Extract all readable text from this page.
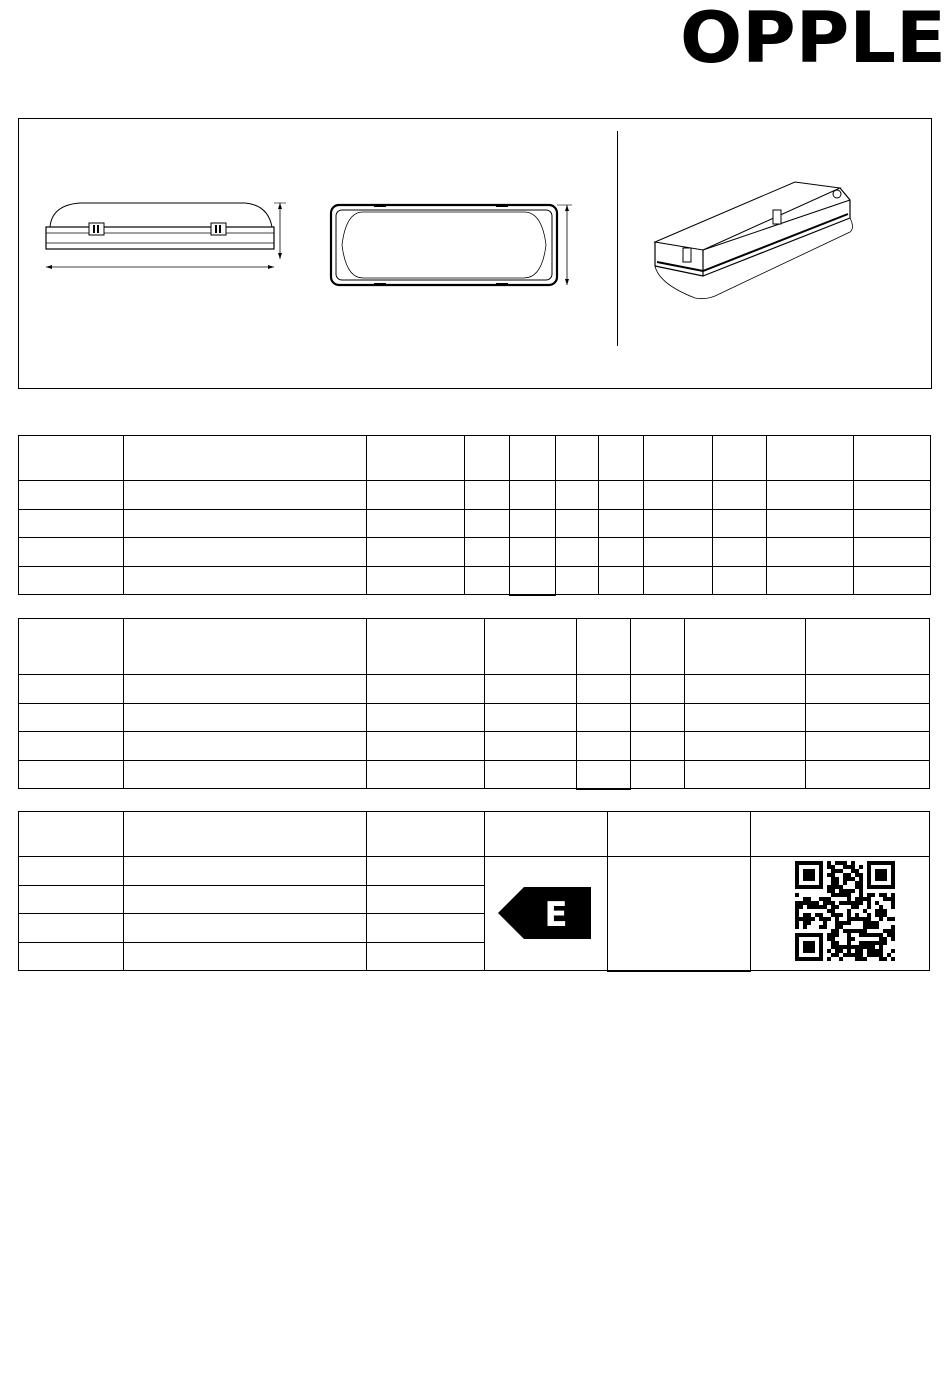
OPPLE

E
